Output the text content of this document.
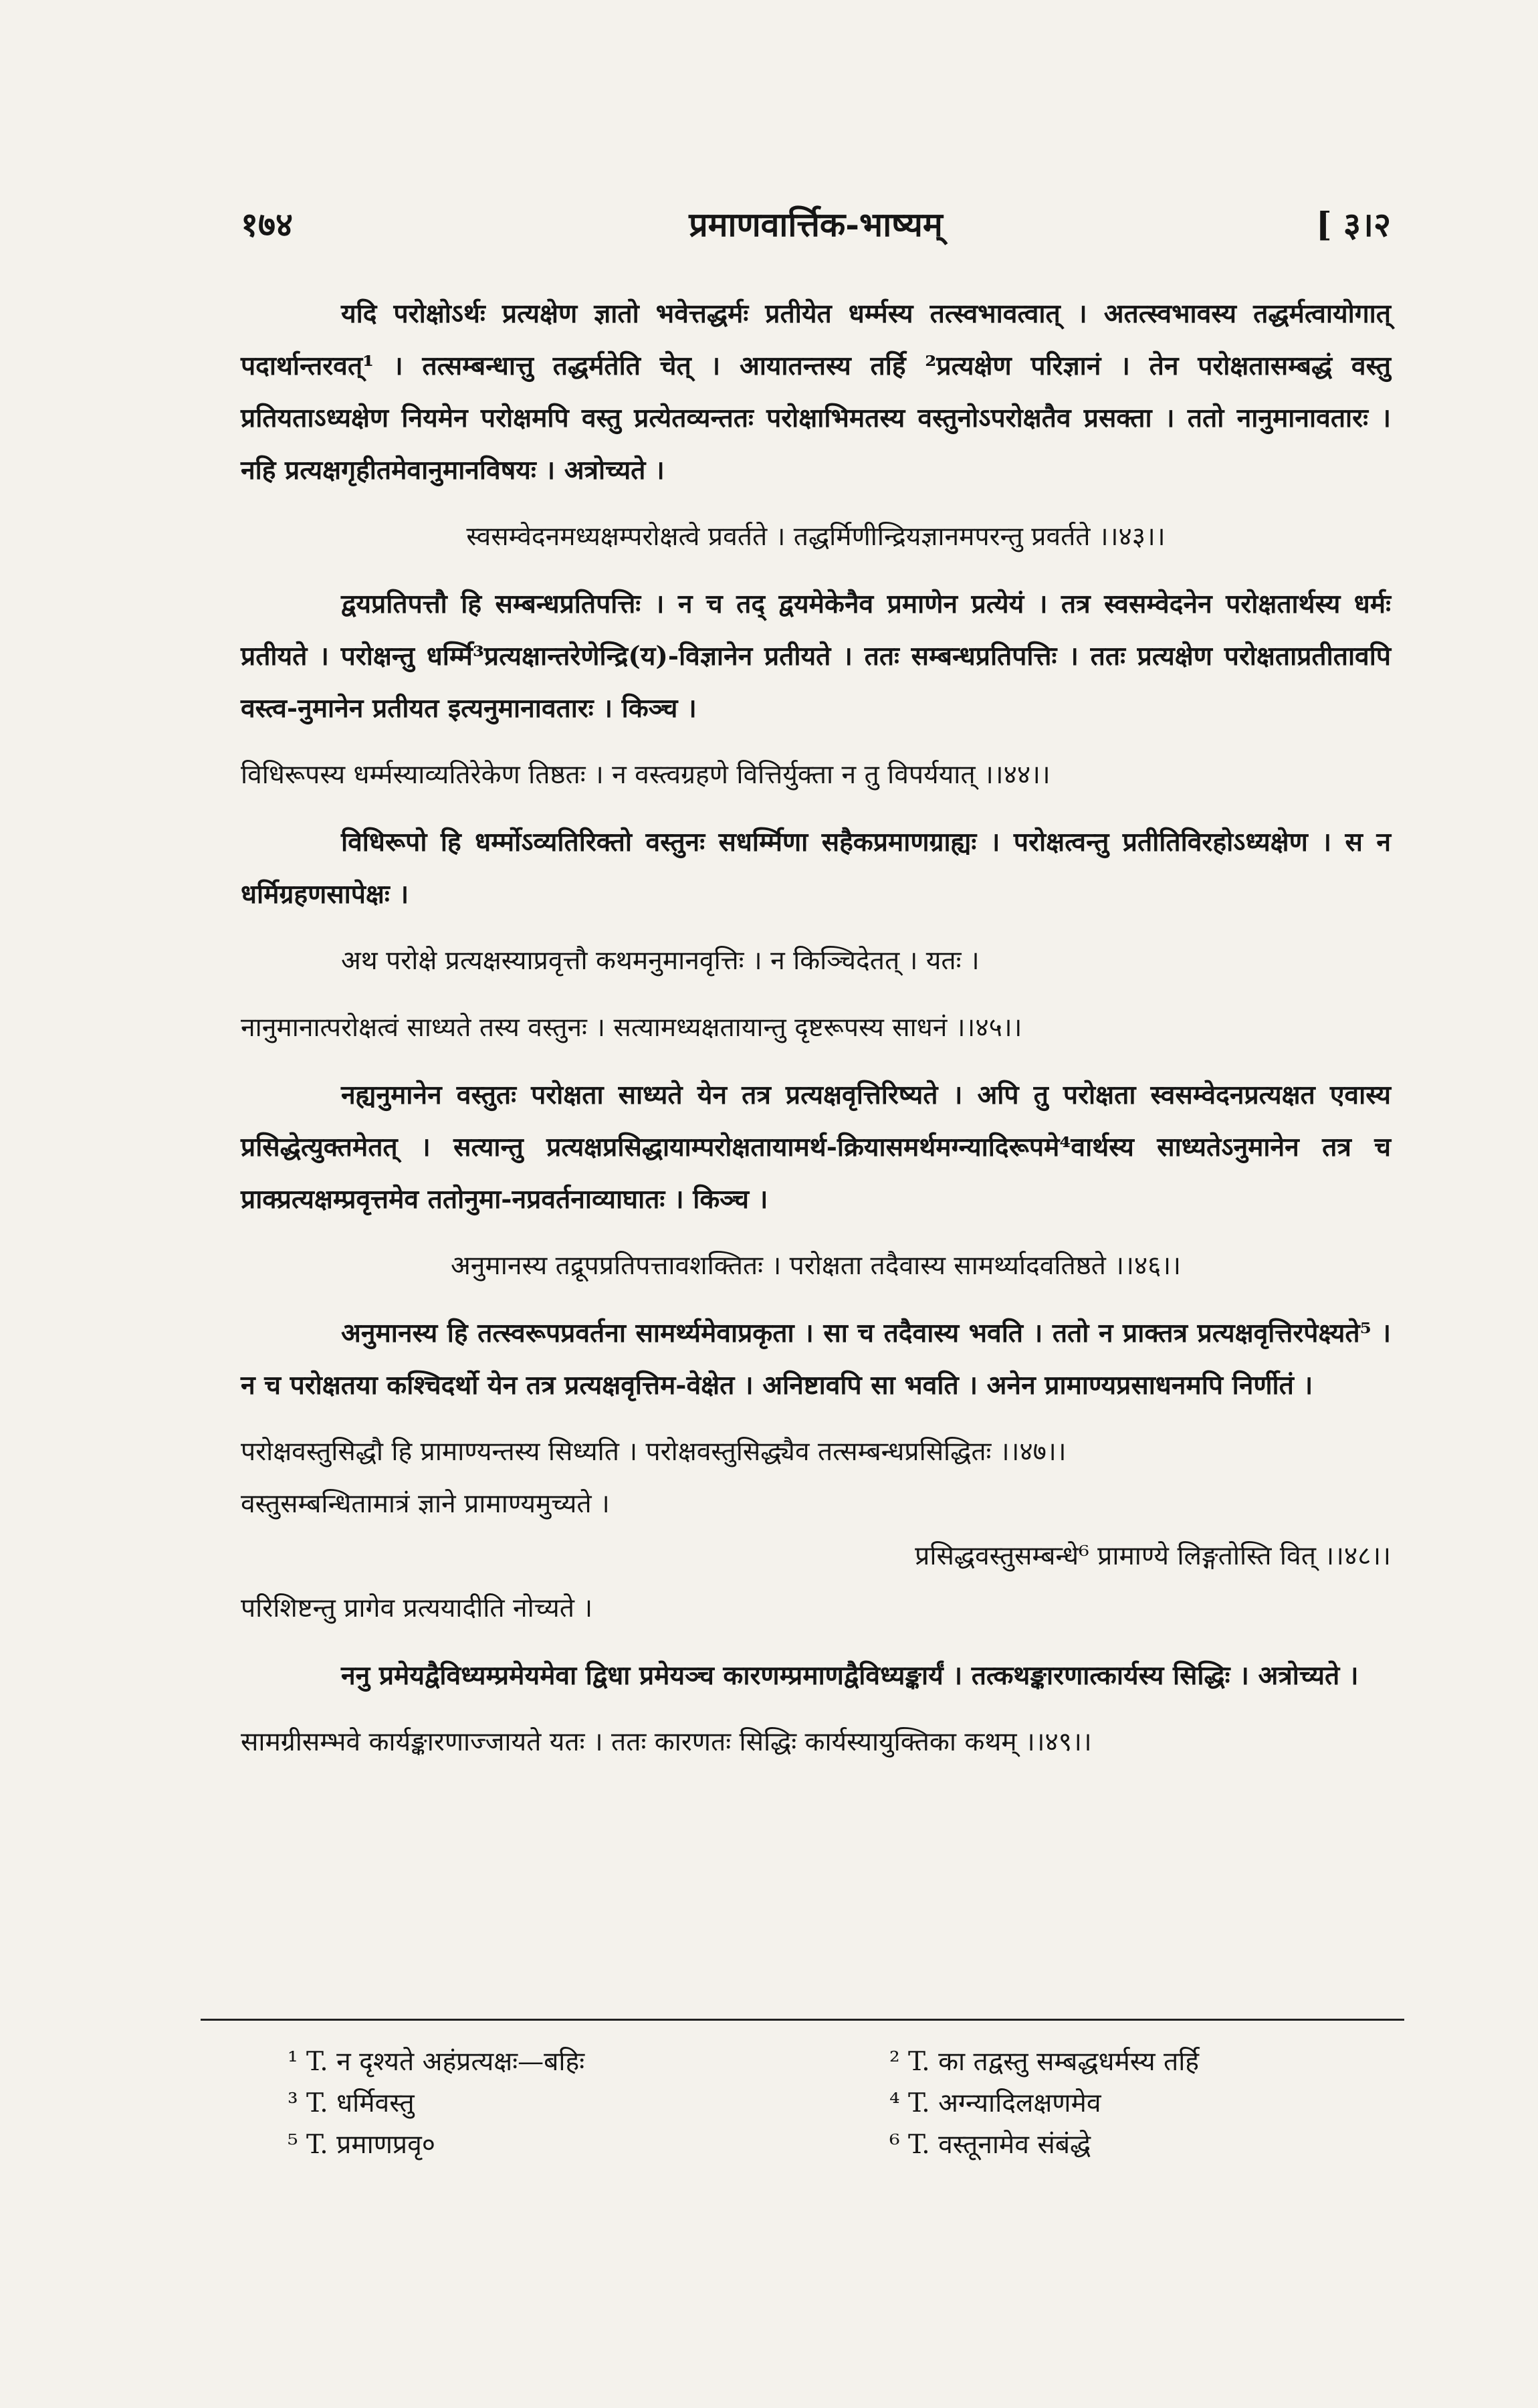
१७४	प्रमाणवार्त्तिक-भाष्यम्	[ ३।२

यदि परोक्षोऽर्थः प्रत्यक्षेण ज्ञातो भवेत्तद्धर्मः प्रतीयेत धर्म्मस्य तत्स्वभावत्वात् । अतत्स्वभावस्य तद्धर्मत्वायोगात् पदार्थान्तरवत्¹ । तत्सम्बन्धात्तु तद्धर्मतेति चेत् । आयातन्तस्य तर्हि ²प्रत्यक्षेण परिज्ञानं । तेन परोक्षतासम्बद्धं वस्तु प्रतियताऽध्यक्षेण नियमेन परोक्षमपि वस्तु प्रत्येतव्यन्ततः परोक्षाभिमतस्य वस्तुनोऽपरोक्षतैव प्रसक्ता । ततो नानुमानावतारः । नहि प्रत्यक्षगृहीतमेवानुमानविषयः । अत्रोच्यते ।

स्वसम्वेदनमध्यक्षम्परोक्षत्वे प्रवर्तते । तद्धर्मिणीन्द्रियज्ञानमपरन्तु प्रवर्तते ।।४३।।

द्वयप्रतिपत्तौ हि सम्बन्धप्रतिपत्तिः । न च तद् द्वयमेकेनैव प्रमाणेन प्रत्येयं । तत्र स्वसम्वेदनेन परोक्षतार्थस्य धर्मः प्रतीयते । परोक्षन्तु धर्म्मि³प्रत्यक्षान्तरेणेन्द्रि(य)-विज्ञानेन प्रतीयते । ततः सम्बन्धप्रतिपत्तिः । ततः प्रत्यक्षेण परोक्षताप्रतीतावपि वस्त्व-नुमानेन प्रतीयत इत्यनुमानावतारः । किञ्च ।

विधिरूपस्य धर्म्मस्याव्यतिरेकेण तिष्ठतः । न वस्त्वग्रहणे वित्तिर्युक्ता न तु विपर्ययात् ।।४४।।

विधिरूपो हि धर्म्मोऽव्यतिरिक्तो वस्तुनः सधर्म्मिणा सहैकप्रमाणग्राह्यः । परोक्षत्वन्तु प्रतीतिविरहोऽध्यक्षेण । स न धर्मिग्रहणसापेक्षः ।

अथ परोक्षे प्रत्यक्षस्याप्रवृत्तौ कथमनुमानवृत्तिः । न किञ्चिदेतत् । यतः ।

नानुमानात्परोक्षत्वं साध्यते तस्य वस्तुनः । सत्यामध्यक्षतायान्तु दृष्टरूपस्य साधनं ।।४५।।

नह्यनुमानेन वस्तुतः परोक्षता साध्यते येन तत्र प्रत्यक्षवृत्तिरिष्यते । अपि तु परोक्षता स्वसम्वेदनप्रत्यक्षत एवास्य प्रसिद्धेत्युक्तमेतत् । सत्यान्तु प्रत्यक्षप्रसिद्धायाम्परोक्षतायामर्थ-क्रियासमर्थमग्न्यादिरूपमे⁴वार्थस्य साध्यतेऽनुमानेन तत्र च प्राक्प्रत्यक्षम्प्रवृत्तमेव ततोनुमा-नप्रवर्तनाव्याघातः । किञ्च ।

अनुमानस्य तद्रूपप्रतिपत्तावशक्तितः । परोक्षता तदैवास्य सामर्थ्यादवतिष्ठते ।।४६।।

अनुमानस्य हि तत्स्वरूपप्रवर्तना सामर्थ्यमेवाप्रकृता । सा च तदैवास्य भवति । ततो न प्राक्तत्र प्रत्यक्षवृत्तिरपेक्ष्यते⁵ । न च परोक्षतया कश्चिदर्थो येन तत्र प्रत्यक्षवृत्तिम-वेक्षेत । अनिष्टावपि सा भवति । अनेन प्रामाण्यप्रसाधनमपि निर्णीतं ।

परोक्षवस्तुसिद्धौ हि प्रामाण्यन्तस्य सिध्यति । परोक्षवस्तुसिद्ध्यैव तत्सम्बन्धप्रसिद्धितः ।।४७।।

वस्तुसम्बन्धितामात्रं ज्ञाने प्रामाण्यमुच्यते ।

प्रसिद्धवस्तुसम्बन्धे⁶ प्रामाण्ये लिङ्गतोस्ति वित् ।।४८।।

परिशिष्टन्तु प्रागेव प्रत्ययादीति नोच्यते ।

ननु प्रमेयद्वैविध्यम्प्रमेयमेवा द्विधा प्रमेयञ्च कारणम्प्रमाणद्वैविध्यङ्कार्यं । तत्कथङ्कारणात्कार्यस्य सिद्धिः । अत्रोच्यते ।

सामग्रीसम्भवे कार्यङ्कारणाज्जायते यतः । ततः कारणतः सिद्धिः कार्यस्यायुक्तिका कथम् ।।४९।।

¹ T. न दृश्यते अहंप्रत्यक्षः—बहिः	² T. का तद्वस्तु सम्बद्धधर्मस्य तर्हि
³ T. धर्मिवस्तु	⁴ T. अग्न्यादिलक्षणमेव
⁵ T. प्रमाणप्रवृ०	⁶ T. वस्तूनामेव संबंद्धे
